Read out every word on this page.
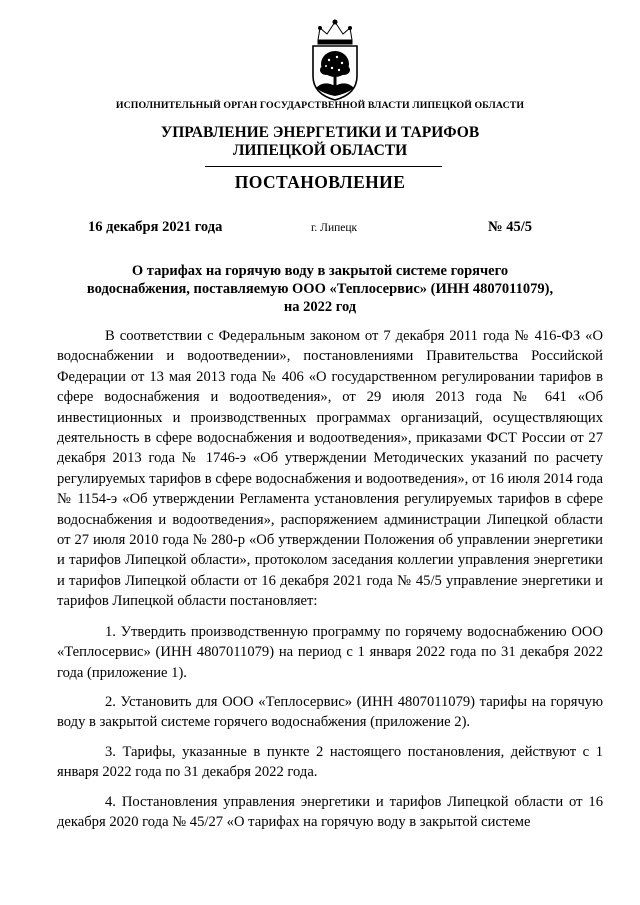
ИСПОЛНИТЕЛЬНЫЙ ОРГАН ГОСУДАРСТВЕННОЙ ВЛАСТИ ЛИПЕЦКОЙ ОБЛАСТИ
УПРАВЛЕНИЕ ЭНЕРГЕТИКИ И ТАРИФОВ
ЛИПЕЦКОЙ ОБЛАСТИ
ПОСТАНОВЛЕНИЕ
16 декабря 2021 года	г. Липецк	№ 45/5
О тарифах на горячую воду в закрытой системе горячего
водоснабжения, поставляемую ООО «Теплосервис» (ИНН 4807011079),
на 2022 год

В соответствии с Федеральным законом от 7 декабря 2011 года № 416-ФЗ «О водоснабжении и водоотведении», постановлениями Правительства Российской Федерации от 13 мая 2013 года № 406 «О государственном регулировании тарифов в сфере водоснабжения и водоотведения», от 29 июля 2013 года № 641 «Об инвестиционных и производственных программах организаций, осуществляющих деятельность в сфере водоснабжения и водоотведения», приказами ФСТ России от 27 декабря 2013 года № 1746-э «Об утверждении Методических указаний по расчету регулируемых тарифов в сфере водоснабжения и водоотведения», от 16 июля 2014 года № 1154-э «Об утверждении Регламента установления регулируемых тарифов в сфере водоснабжения и водоотведения», распоряжением администрации Липецкой области от 27 июля 2010 года № 280-р «Об утверждении Положения об управлении энергетики и тарифов Липецкой области», протоколом заседания коллегии управления энергетики и тарифов Липецкой области от 16 декабря 2021 года № 45/5 управление энергетики и тарифов Липецкой области постановляет:

1. Утвердить производственную программу по горячему водоснабжению ООО «Теплосервис» (ИНН 4807011079) на период с 1 января 2022 года по 31 декабря 2022 года (приложение 1).

2. Установить для ООО «Теплосервис» (ИНН 4807011079) тарифы на горячую воду в закрытой системе горячего водоснабжения (приложение 2).

3. Тарифы, указанные в пункте 2 настоящего постановления, действуют с 1 января 2022 года по 31 декабря 2022 года.

4. Постановления управления энергетики и тарифов Липецкой области от 16 декабря 2020 года № 45/27 «О тарифах на горячую воду в закрытой системе
